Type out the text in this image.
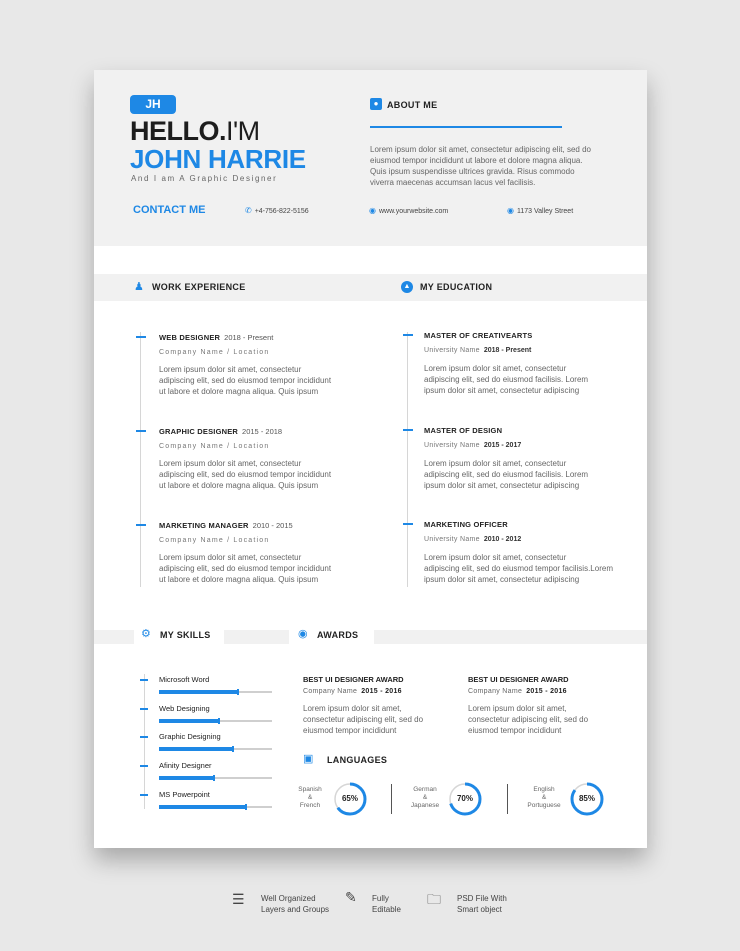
JH
HELLO.I'M
JOHN HARRIE
And I am A Graphic Designer
● ABOUT ME
Lorem ipsum dolor sit amet, consectetur adipiscing elit, sed do
eiusmod tempor incididunt ut labore et dolore magna aliqua.
Quis ipsum suspendisse ultrices gravida. Risus commodo
viverra maecenas accumsan lacus vel facilisis.
CONTACT ME	✆ +4-756-822-5156	◉ www.yourwebsite.com	◉ 1173 Valley Street
♟ WORK EXPERIENCE	▲ MY EDUCATION
WEB DESIGNER 2018 - Present
Company Name / Location
Lorem ipsum dolor sit amet, consectetur
adipiscing elit, sed do eiusmod tempor incididunt
ut labore et dolore magna aliqua. Quis ipsum
GRAPHIC DESIGNER 2015 - 2018
Company Name / Location
Lorem ipsum dolor sit amet, consectetur
adipiscing elit, sed do eiusmod tempor incididunt
ut labore et dolore magna aliqua. Quis ipsum
MARKETING MANAGER 2010 - 2015
Company Name / Location
Lorem ipsum dolor sit amet, consectetur
adipiscing elit, sed do eiusmod tempor incididunt
ut labore et dolore magna aliqua. Quis ipsum
MASTER OF CREATIVEARTS
University Name 2018 - Present
Lorem ipsum dolor sit amet, consectetur
adipiscing elit, sed do eiusmod facilisis. Lorem
ipsum dolor sit amet, consectetur adipiscing
MASTER OF DESIGN
University Name 2015 - 2017
Lorem ipsum dolor sit amet, consectetur
adipiscing elit, sed do eiusmod facilisis. Lorem
ipsum dolor sit amet, consectetur adipiscing
MARKETING OFFICER
University Name 2010 - 2012
Lorem ipsum dolor sit amet, consectetur
adipiscing elit, sed do eiusmod tempor facilisis.Lorem
ipsum dolor sit amet, consectetur adipiscing
⚙ MY SKILLS	◉ AWARDS
Microsoft Word
Web Designing
Graphic Designing
Afinity Designer
MS Powerpoint
BEST UI DESIGNER AWARD
Company Name 2015 - 2016
Lorem ipsum dolor sit amet,
consectetur adipiscing elit, sed do
eiusmod tempor incididunt
BEST UI DESIGNER AWARD
Company Name 2015 - 2016
Lorem ipsum dolor sit amet,
consectetur adipiscing elit, sed do
eiusmod tempor incididunt
▣ LANGUAGES
Spanish
&
French
65%
German
&
Japanese
70%
English
&
Portuguese
85%
☰ Well Organized
Layers and Groups
✎ Fully
Editable
🗀 PSD File With
Smart object
